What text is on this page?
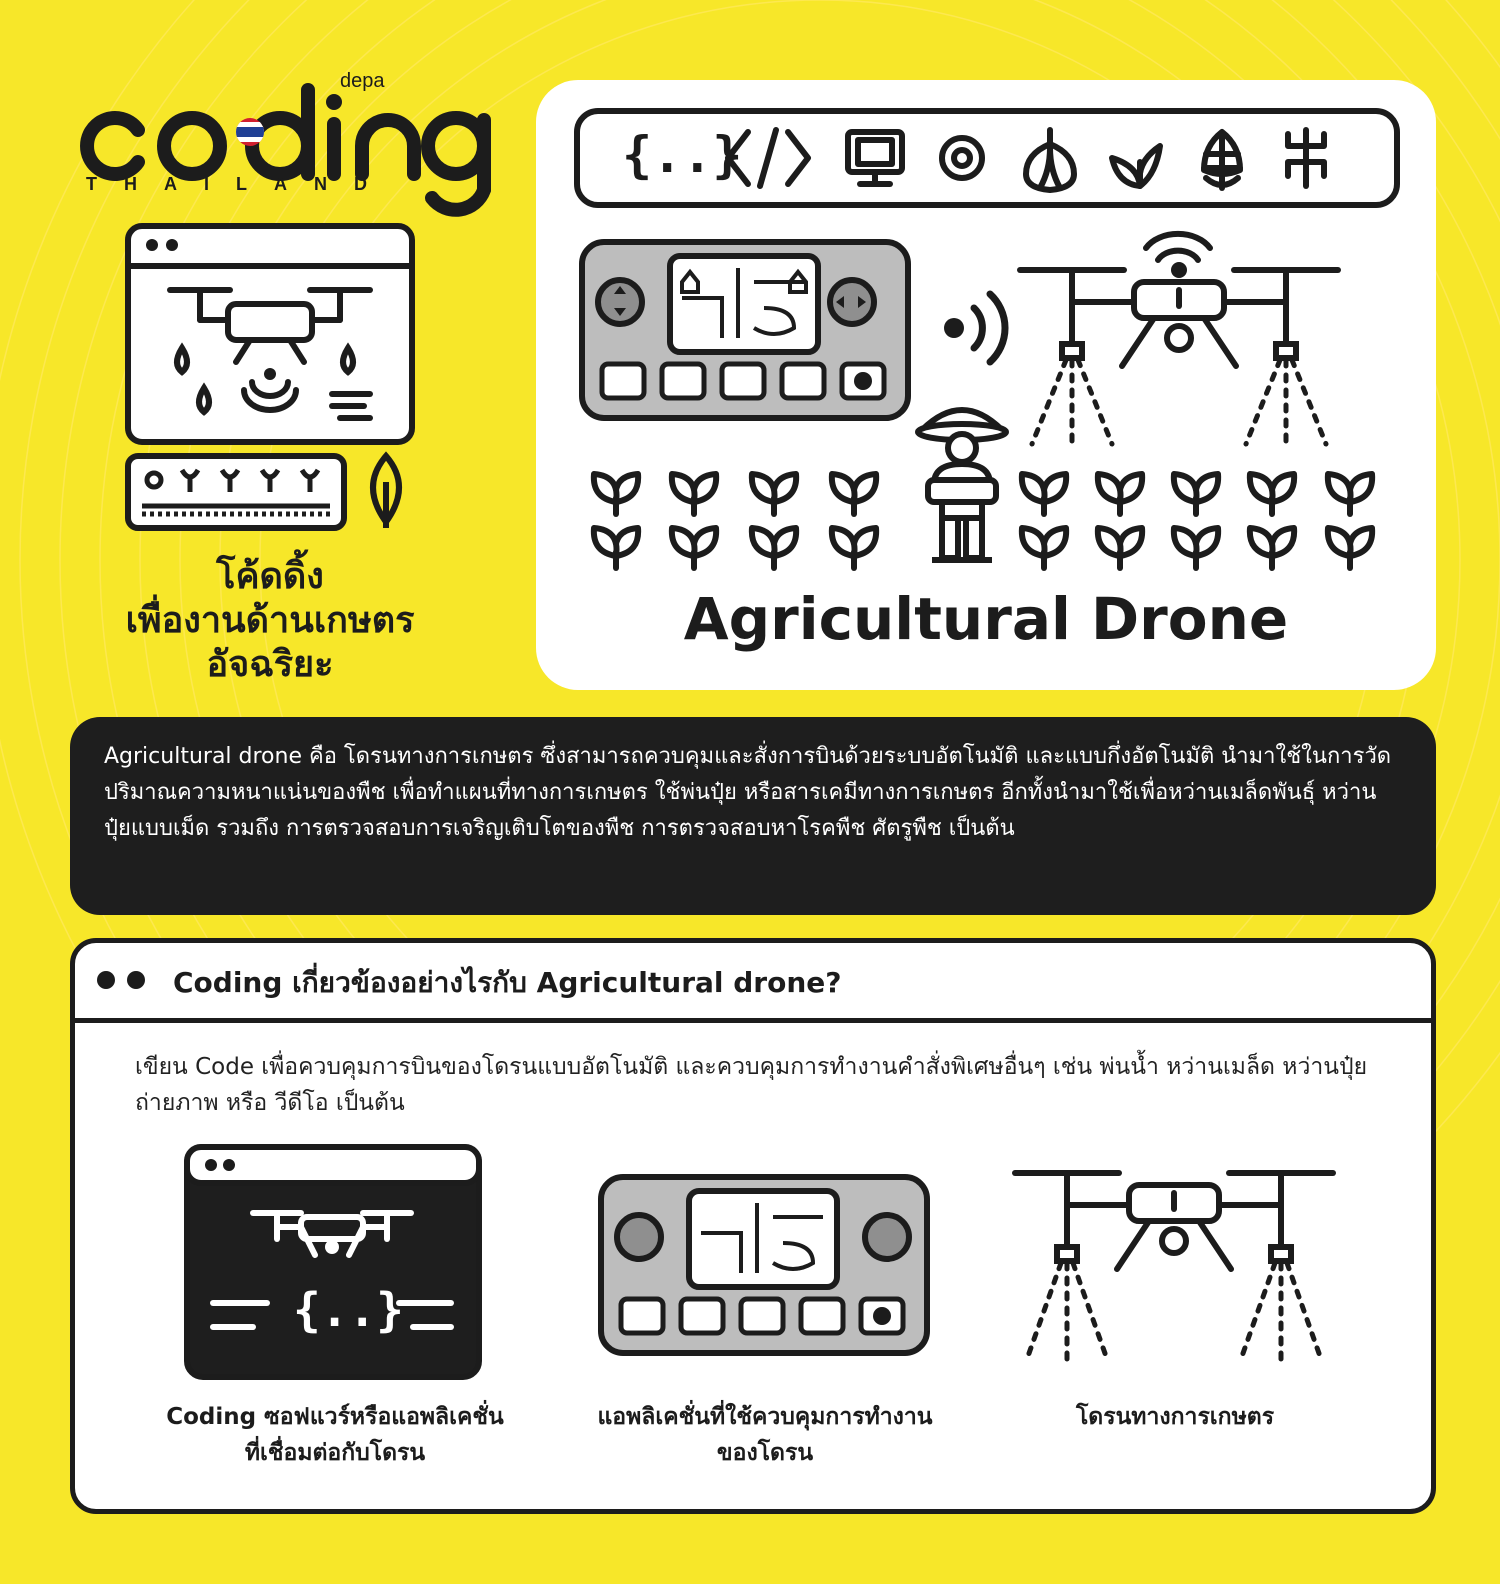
depa
THAILAND
โค้ดดิ้ง
เพื่องานด้านเกษตร
อัจฉริยะ
{..}
Agricultural Drone
Agricultural drone คือ โดรนทางการเกษตร ซึ่งสามารถควบคุมและสั่งการบินด้วยระบบอัตโนมัติ และแบบกึ่งอัตโนมัติ นำมาใช้ในการวัดปริมาณความหนาแน่นของพืช เพื่อทำแผนที่ทางการเกษตร ใช้พ่นปุ๋ย หรือสารเคมีทางการเกษตร อีกทั้งนำมาใช้เพื่อหว่านเมล็ดพันธุ์ หว่านปุ๋ยแบบเม็ด รวมถึง การตรวจสอบการเจริญเติบโตของพืช การตรวจสอบหาโรคพืช ศัตรูพืช เป็นต้น
Coding เกี่ยวข้องอย่างไรกับ Agricultural drone?
เขียน Code เพื่อควบคุมการบินของโดรนแบบอัตโนมัติ และควบคุมการทำงานคำสั่งพิเศษอื่นๆ เช่น พ่นน้ำ หว่านเมล็ด หว่านปุ๋ย ถ่ายภาพ หรือ วีดีโอ เป็นต้น
{..}
Coding ซอฟแวร์หรือแอพลิเคชั่น
ที่เชื่อมต่อกับโดรน
แอพลิเคชั่นที่ใช้ควบคุมการทำงาน
ของโดรน
โดรนทางการเกษตร
